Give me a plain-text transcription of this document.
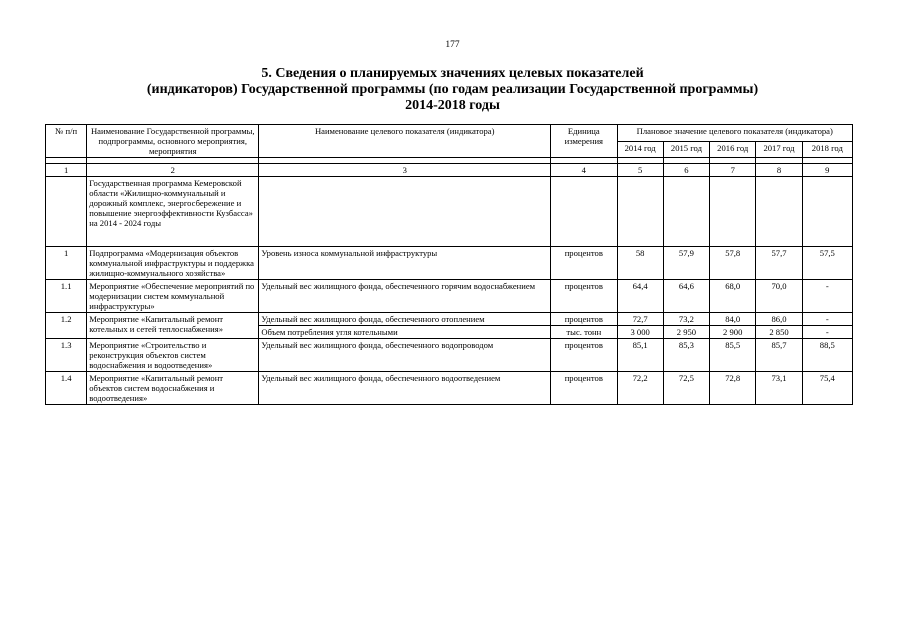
177
5. Сведения о планируемых значениях целевых показателей
(индикаторов) Государственной программы (по годам реализации Государственной программы)
2014-2018 годы
№ п/п	Наименование Государственной программы, подпрограммы, основного мероприятия, мероприятия	Наименование целевого показателя (индикатора)	Единица измерения	Плановое значение целевого показателя (индикатора)				
				2014 год	2015 год	2016 год	2017 год	2018 год

1	2	3	4	5	6	7	8	9
	Государственная программа Кемеровской области «Жилищно-коммунальный и дорожный комплекс, энергосбережение и повышение энергоэффективности Кузбасса» на 2014 - 2024 годы							
1	Подпрограмма «Модернизация объектов коммунальной инфраструктуры и поддержка жилищно-коммунального хозяйства»	Уровень износа коммунальной инфраструктуры	процентов	58	57,9	57,8	57,7	57,5
1.1	Мероприятие «Обеспечение мероприятий по модернизации систем коммунальной инфраструктуры»	Удельный вес жилищного фонда, обеспеченного горячим водоснабжением	процентов	64,4	64,6	68,0	70,0	-
1.2	Мероприятие «Капитальный ремонт котельных и сетей теплоснабжения»	Удельный вес жилищного фонда, обеспеченного отоплением	процентов	72,7	73,2	84,0	86,0	-
		Объем потребления угля котельными	тыс. тонн	3 000	2 950	2 900	2 850	-
1.3	Мероприятие «Строительство и реконструкция объектов систем водоснабжения и водоотведения»	Удельный вес жилищного фонда, обеспеченного водопроводом	процентов	85,1	85,3	85,5	85,7	88,5
1.4	Мероприятие «Капитальный ремонт объектов систем водоснабжения и водоотведения»	Удельный вес жилищного фонда, обеспеченного водоотведением	процентов	72,2	72,5	72,8	73,1	75,4
